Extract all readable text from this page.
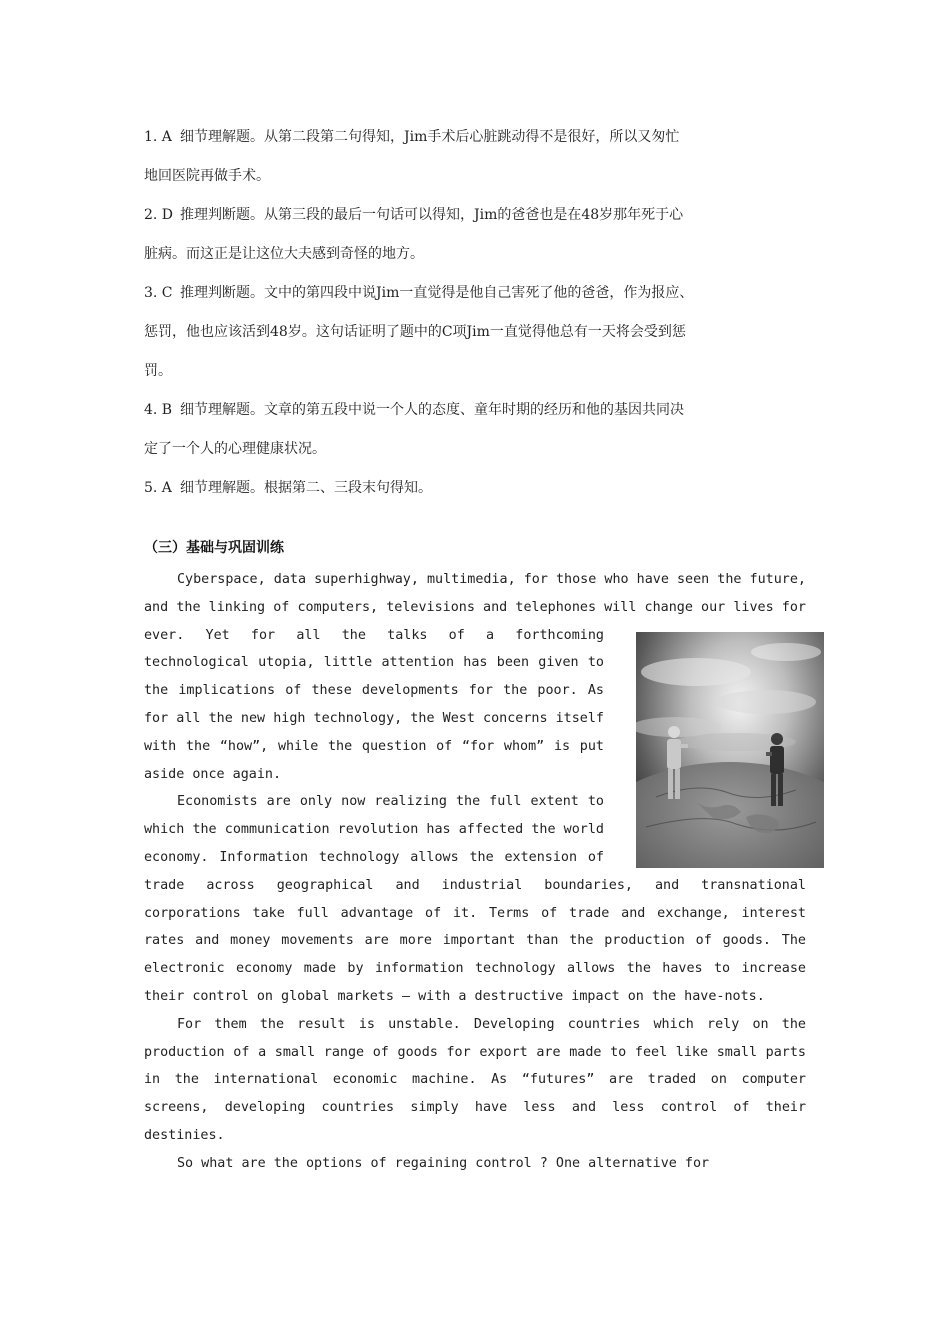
1. A 细节理解题。从第二段第二句得知，Jim手术后心脏跳动得不是很好，所以又匆忙

地回医院再做手术。

2. D 推理判断题。从第三段的最后一句话可以得知，Jim的爸爸也是在48岁那年死于心

脏病。而这正是让这位大夫感到奇怪的地方。

3. C 推理判断题。文中的第四段中说Jim一直觉得是他自己害死了他的爸爸，作为报应、

惩罚，他也应该活到48岁。这句话证明了题中的C项Jim一直觉得他总有一天将会受到惩

罚。

4. B 细节理解题。文章的第五段中说一个人的态度、童年时期的经历和他的基因共同决

定了一个人的心理健康状况。

5. A 细节理解题。根据第二、三段末句得知。

（三）基础与巩固训练

Cyberspace, data superhighway, multimedia, for those who have seen the future, and the linking of computers, televisions and telephones will change our lives for ever. Yet for all the talks of a forthcoming technological utopia, little attention has been given to the implications of these developments for the poor. As for all the new high technology, the West concerns itself with the “how”, while the question of “for whom” is put aside once again.

Economists are only now realizing the full extent to which the communication revolution has affected the world economy. Information technology allows the extension of trade across geographical and industrial boundaries, and transnational corporations take full advantage of it. Terms of trade and exchange, interest rates and money movements are more important than the production of goods. The electronic economy made by information technology allows the haves to increase their control on global markets — with a destructive impact on the have-nots.

For them the result is unstable. Developing countries which rely on the production of a small range of goods for export are made to feel like small parts in the international economic machine. As “futures” are traded on computer screens, developing countries simply have less and less control of their destinies.

So what are the options of regaining control ? One alternative for
